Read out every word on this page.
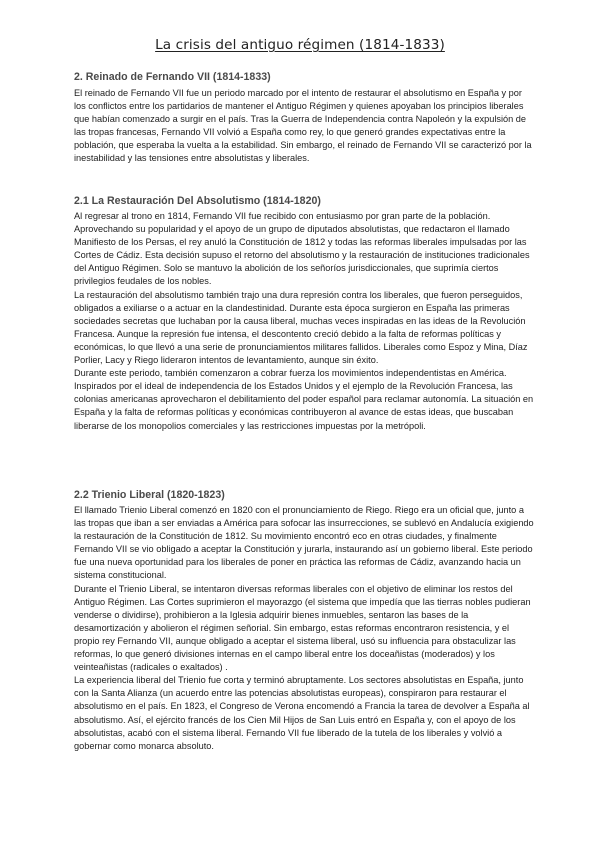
La crisis del antiguo régimen (1814-1833)
2. Reinado de Fernando VII (1814-1833)

El reinado de Fernando VII fue un periodo marcado por el intento de restaurar el absolutismo en España y por los conflictos entre los partidarios de mantener el Antiguo Régimen y quienes apoyaban los principios liberales que habían comenzado a surgir en el país. Tras la Guerra de Independencia contra Napoleón y la expulsión de las tropas francesas, Fernando VII volvió a España como rey, lo que generó grandes expectativas entre la población, que esperaba la vuelta a la estabilidad. Sin embargo, el reinado de Fernando VII se caracterizó por la inestabilidad y las tensiones entre absolutistas y liberales.

2.1 La Restauración Del Absolutismo (1814-1820)

Al regresar al trono en 1814, Fernando VII fue recibido con entusiasmo por gran parte de la población.

Aprovechando su popularidad y el apoyo de un grupo de diputados absolutistas, que redactaron el llamado Manifiesto de los Persas, el rey anuló la Constitución de 1812 y todas las reformas liberales impulsadas por las Cortes de Cádiz. Esta decisión supuso el retorno del absolutismo y la restauración de instituciones tradicionales del Antiguo Régimen. Solo se mantuvo la abolición de los señoríos jurisdiccionales, que suprimía ciertos privilegios feudales de los nobles.

La restauración del absolutismo también trajo una dura represión contra los liberales, que fueron perseguidos, obligados a exiliarse o a actuar en la clandestinidad. Durante esta época surgieron en España las primeras sociedades secretas que luchaban por la causa liberal, muchas veces inspiradas en las ideas de la Revolución Francesa. Aunque la represión fue intensa, el descontento creció debido a la falta de reformas políticas y económicas, lo que llevó a una serie de pronunciamientos militares fallidos. Liberales como Espoz y Mina, Díaz Porlier, Lacy y Riego lideraron intentos de levantamiento, aunque sin éxito.

Durante este periodo, también comenzaron a cobrar fuerza los movimientos independentistas en América. Inspirados por el ideal de independencia de los Estados Unidos y el ejemplo de la Revolución Francesa, las colonias americanas aprovecharon el debilitamiento del poder español para reclamar autonomía. La situación en España y la falta de reformas políticas y económicas contribuyeron al avance de estas ideas, que buscaban liberarse de los monopolios comerciales y las restricciones impuestas por la metrópoli.

2.2 Trienio Liberal (1820-1823)

El llamado Trienio Liberal comenzó en 1820 con el pronunciamiento de Riego. Riego era un oficial que, junto a las tropas que iban a ser enviadas a América para sofocar las insurrecciones, se sublevó en Andalucía exigiendo la restauración de la Constitución de 1812. Su movimiento encontró eco en otras ciudades, y finalmente Fernando VII se vio obligado a aceptar la Constitución y jurarla, instaurando así un gobierno liberal. Este periodo fue una nueva oportunidad para los liberales de poner en práctica las reformas de Cádiz, avanzando hacia un sistema constitucional.

Durante el Trienio Liberal, se intentaron diversas reformas liberales con el objetivo de eliminar los restos del Antiguo Régimen. Las Cortes suprimieron el mayorazgo (el sistema que impedía que las tierras nobles pudieran venderse o dividirse), prohibieron a la Iglesia adquirir bienes inmuebles, sentaron las bases de la desamortización y abolieron el régimen señorial. Sin embargo, estas reformas encontraron resistencia, y el propio rey Fernando VII, aunque obligado a aceptar el sistema liberal, usó su influencia para obstaculizar las reformas, lo que generó divisiones internas en el campo liberal entre los doceañistas (moderados) y los veinteañistas (radicales o exaltados) .

La experiencia liberal del Trienio fue corta y terminó abruptamente. Los sectores absolutistas en España, junto con la Santa Alianza (un acuerdo entre las potencias absolutistas europeas), conspiraron para restaurar el absolutismo en el país. En 1823, el Congreso de Verona encomendó a Francia la tarea de devolver a España al absolutismo. Así, el ejército francés de los Cien Mil Hijos de San Luis entró en España y, con el apoyo de los absolutistas, acabó con el sistema liberal. Fernando VII fue liberado de la tutela de los liberales y volvió a gobernar como monarca absoluto.
